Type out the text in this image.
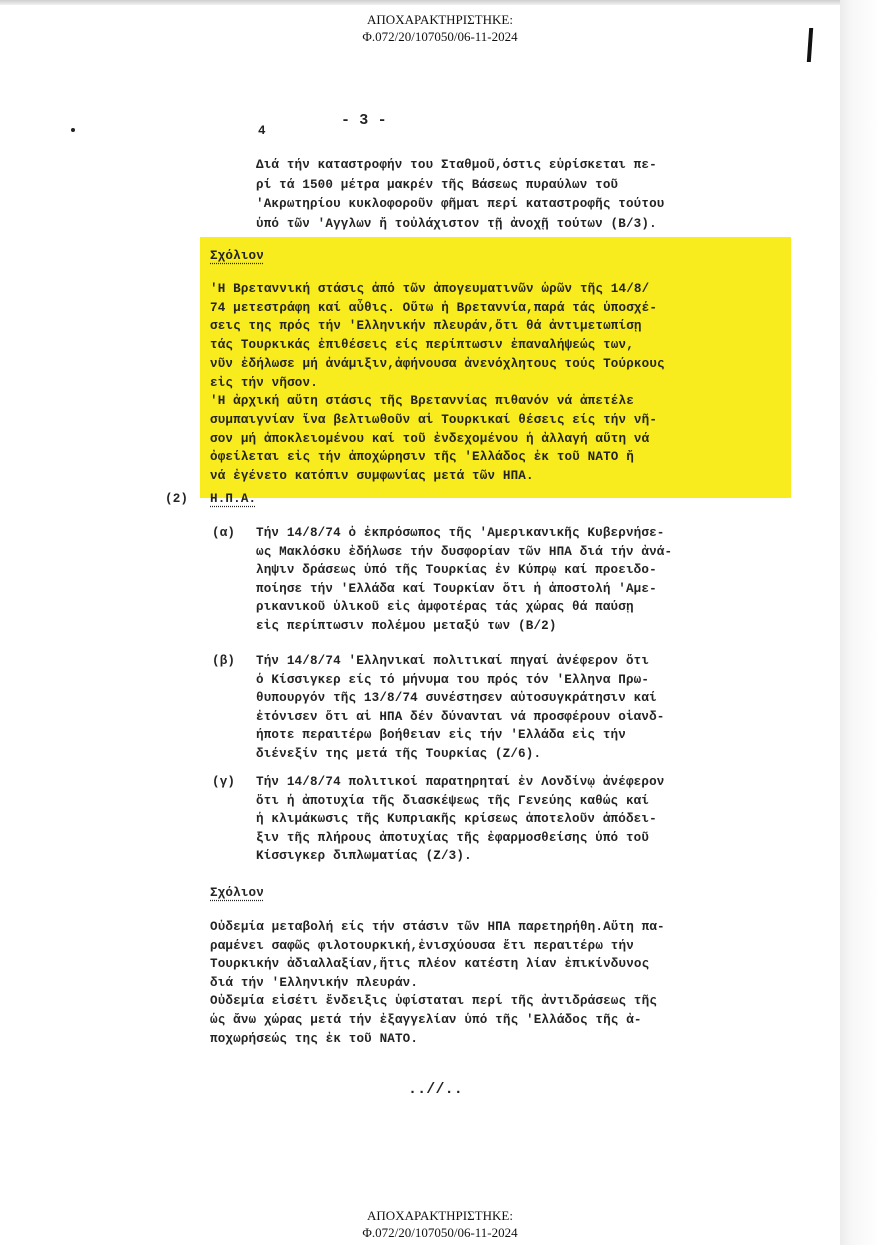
ΑΠΟΧΑΡΑΚΤΗΡΙΣΤΗΚΕ:
Φ.072/20/107050/06-11-2024
4
- 3 -
Διά τήν καταστροφήν του Σταθμοῦ,όστις εὑρίσκεται πε-
ρί τά 1500 μέτρα μακρέν τῆς Βάσεως πυραύλων τοῦ
'Ακρωτηρίου κυκλοφοροῦν φῆμαι περί καταστροφῆς τούτου
ὑπό τῶν 'Αγγλων ἤ τοὐλάχιστον τῇ ἀνοχῇ τούτων (Β/3).
Σχόλιον
'Η Βρεταννική στάσις ἀπό τῶν ἀπογευματινῶν ὡρῶν τῆς 14/8/
74 μετεστράφη καί αὖθις. Οὕτω ἡ Βρεταννία,παρά τάς ὑποσχέ-
σεις της πρός τήν 'Ελληνικήν πλευράν,ὅτι θά ἀντιμετωπίσῃ
τάς Τουρκικάς ἐπιθέσεις είς περίπτωσιν ἐπαναλήψεώς των,
νῦν ἐδήλωσε μή ἀνάμιξιν,ἀφήνουσα ἀνενόχλητους τούς Τούρκους
εἰς τήν νῆσον.
'Η ἀρχική αὕτη στάσις τῆς Βρεταννίας πιθανόν νά ἀπετέλε
συμπαιγνίαν ἵνα βελτιωθοῦν αἱ Τουρκικαί θέσεις είς τήν νῆ-
σον μή ἀποκλειομένου καί τοῦ ἐνδεχομένου ἡ ἀλλαγή αὕτη νά
ὀφείλεται εἰς τήν ἀποχώρησιν τῆς 'Ελλάδος ἐκ τοῦ ΝΑΤΟ ἤ
νά ἐγένετο κατόπιν συμφωνίας μετά τῶν ΗΠΑ.
(2) Η.Π.Α.
(α) Τήν 14/8/74 ὁ ἐκπρόσωπος τῆς 'Αμερικανικῆς Κυβερνήσε-
ως Μακλόσκυ ἐδήλωσε τήν δυσφορίαν τῶν ΗΠΑ διά τήν ἀνά-
ληψιν δράσεως ὑπό τῆς Τουρκίας ἐν Κύπρῳ καί προειδο-
ποίησε τήν 'Ελλάδα καί Τουρκίαν ὅτι ἡ ἀποστολή 'Αμε-
ρικανικοῦ ὑλικοῦ εἰς ἀμφοτέρας τάς χώρας θά παύσῃ
εἰς περίπτωσιν πολέμου μεταξύ των (Β/2)
(β) Τήν 14/8/74 'Ελληνικαί πολιτικαί πηγαί ἀνέφερον ὅτι
ὁ Κίσσιγκερ είς τό μήνυμα του πρός τόν 'Ελληνα Πρω-
θυπουργόν τῆς 13/8/74 συνέστησεν αὐτοσυγκράτησιν καί
ἐτόνισεν ὅτι αἱ ΗΠΑ δέν δύνανται νά προσφέρουν οἱανδ-
ήποτε περαιτέρω βοήθειαν εἰς τήν 'Ελλάδα εἰς τήν
διένεξίν της μετά τῆς Τουρκίας (Ζ/6).
(γ) Τήν 14/8/74 πολιτικοί παρατηρηταί ἐν Λονδίνῳ ἀνέφερον
ὅτι ἡ ἀποτυχία τῆς διασκέψεως τῆς Γενεύης καθώς καί
ἡ κλιμάκωσις τῆς Κυπριακῆς κρίσεως ἀποτελοῦν ἀπόδει-
ξιν τῆς πλήρους ἀποτυχίας τῆς ἐφαρμοσθείσης ὑπό τοῦ
Κίσσιγκερ διπλωματίας (Ζ/3).
Σχόλιον
Οὐδεμία μεταβολή είς τήν στάσιν τῶν ΗΠΑ παρετηρήθη.Αὕτη πα-
ραμένει σαφῶς φιλοτουρκική,ἐνισχύουσα ἔτι περαιτέρω τήν
Τουρκικήν ἀδιαλλαξίαν,ἥτις πλέον κατέστη λίαν ἐπικίνδυνος
διά τήν 'Ελληνικήν πλευράν.
Οὐδεμία εἰσέτι ἔνδειξις ὑφίσταται περί τῆς ἀντιδράσεως τῆς
ὡς ἄνω χώρας μετά τήν ἐξαγγελίαν ὑπό τῆς 'Ελλάδος τῆς ἀ-
ποχωρήσεώς της ἐκ τοῦ ΝΑΤΟ.
..//..
ΑΠΟΧΑΡΑΚΤΗΡΙΣΤΗΚΕ:
Φ.072/20/107050/06-11-2024
